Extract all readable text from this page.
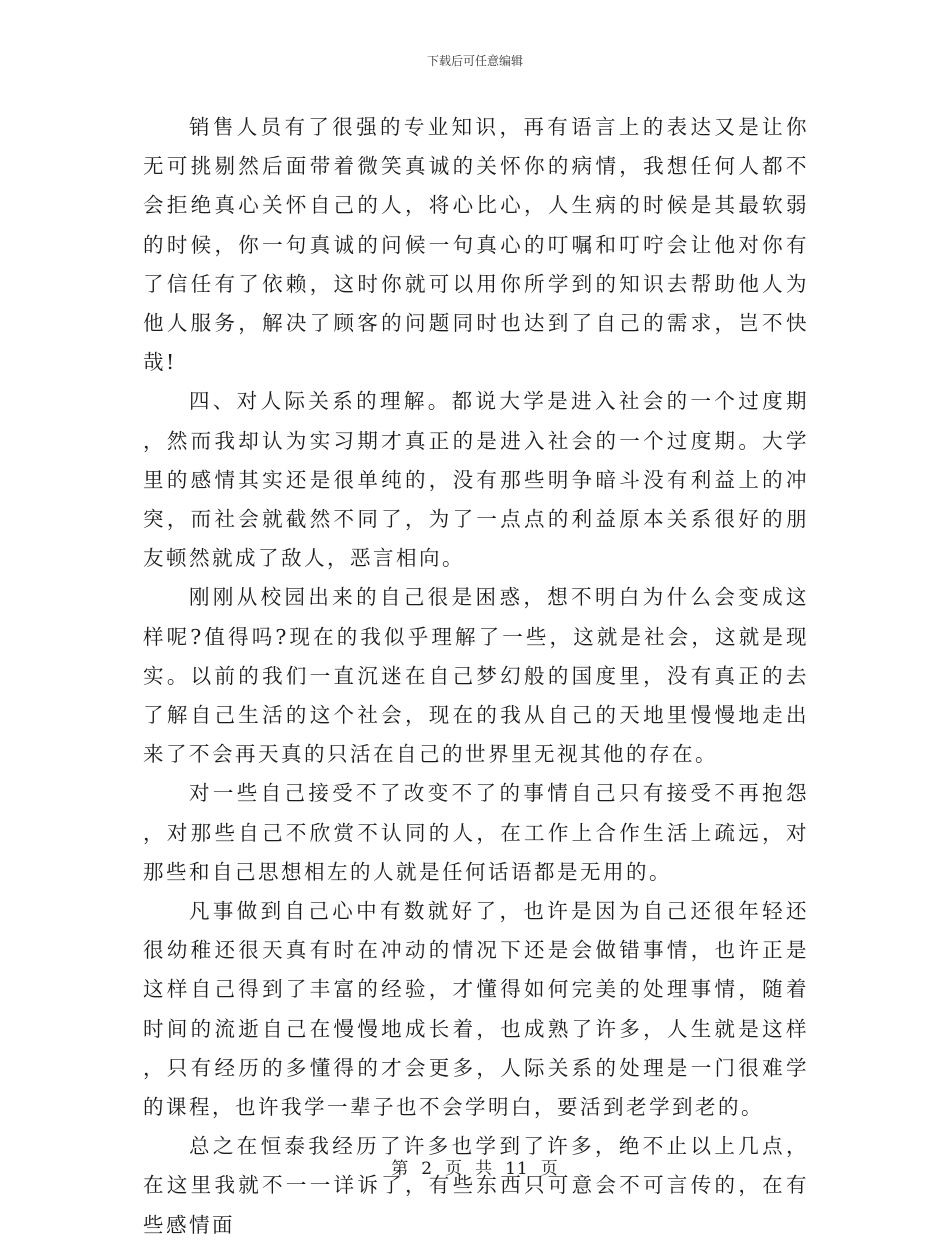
下载后可任意编辑

销售人员有了很强的专业知识，再有语言上的表达又是让你无可挑剔然后面带着微笑真诚的关怀你的病情，我想任何人都不会拒绝真心关怀自己的人，将心比心，人生病的时候是其最软弱的时候，你一句真诚的问候一句真心的叮嘱和叮咛会让他对你有了信任有了依赖，这时你就可以用你所学到的知识去帮助他人为他人服务，解决了顾客的问题同时也达到了自己的需求，岂不快哉!

四、对人际关系的理解。都说大学是进入社会的一个过度期，然而我却认为实习期才真正的是进入社会的一个过度期。大学里的感情其实还是很单纯的，没有那些明争暗斗没有利益上的冲突，而社会就截然不同了，为了一点点的利益原本关系很好的朋友顿然就成了敌人，恶言相向。

刚刚从校园出来的自己很是困惑，想不明白为什么会变成这样呢?值得吗?现在的我似乎理解了一些，这就是社会，这就是现实。以前的我们一直沉迷在自己梦幻般的国度里，没有真正的去了解自己生活的这个社会，现在的我从自己的天地里慢慢地走出来了不会再天真的只活在自己的世界里无视其他的存在。

对一些自己接受不了改变不了的事情自己只有接受不再抱怨，对那些自己不欣赏不认同的人，在工作上合作生活上疏远，对那些和自己思想相左的人就是任何话语都是无用的。

凡事做到自己心中有数就好了，也许是因为自己还很年轻还很幼稚还很天真有时在冲动的情况下还是会做错事情，也许正是这样自己得到了丰富的经验，才懂得如何完美的处理事情，随着时间的流逝自己在慢慢地成长着，也成熟了许多，人生就是这样，只有经历的多懂得的才会更多，人际关系的处理是一门很难学的课程，也许我学一辈子也不会学明白，要活到老学到老的。

总之在恒泰我经历了许多也学到了许多，绝不止以上几点，在这里我就不一一详诉了，有些东西只可意会不可言传的，在有些感情面

第 2 页 共 11 页
